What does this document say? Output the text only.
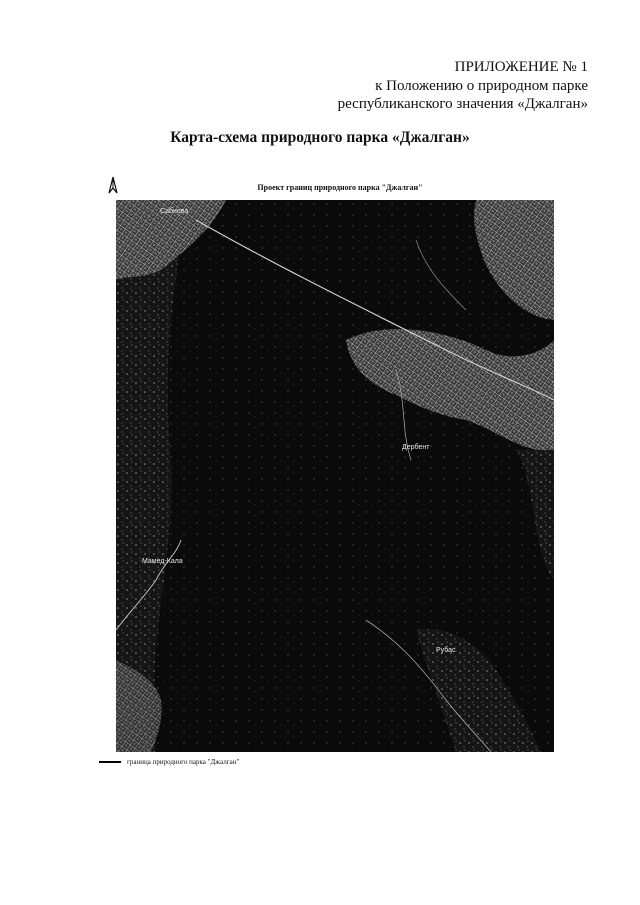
ПРИЛОЖЕНИЕ № 1
к Положению о природном парке
республиканского значения «Джалган»
Карта-схема природного парка «Джалган»
Проект границ природного парка "Джалган"
Сабнова
Мамед-Кала
Дербент
Рубас
граница природного парка "Джалган"
